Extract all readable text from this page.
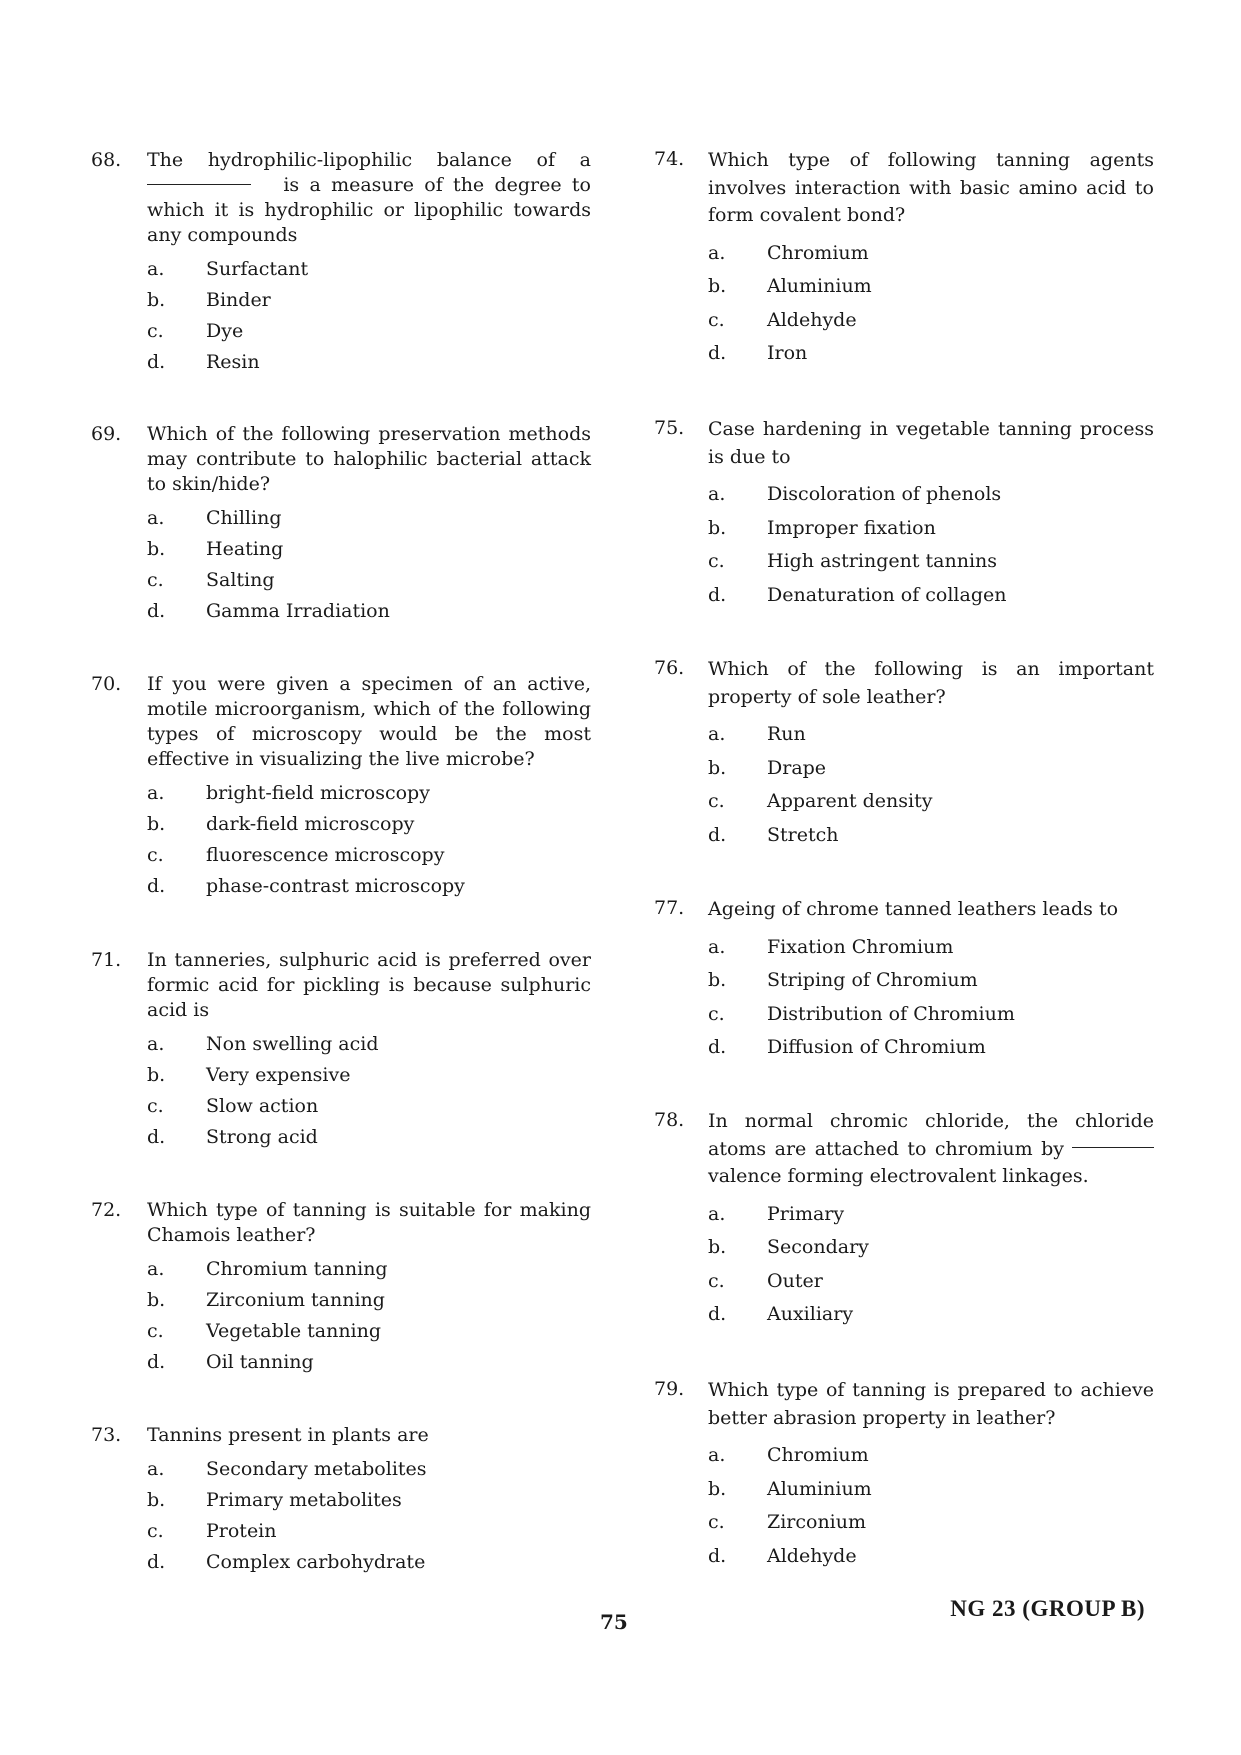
68. The hydrophilic-lipophilic balance of a  is a measure of the degree to which it is hydrophilic or lipophilic towards any compounds
a.	Surfactant
b.	Binder
c.	Dye
d.	Resin
69. Which of the following preservation methods may contribute to halophilic bacterial attack to skin/hide?
a.	Chilling
b.	Heating
c.	Salting
d.	Gamma Irradiation
70. If you were given a specimen of an active, motile microorganism, which of the following types of microscopy would be the most effective in visualizing the live microbe?
a.	bright-field microscopy
b.	dark-field microscopy
c.	fluorescence microscopy
d.	phase-contrast microscopy
71. In tanneries, sulphuric acid is preferred over formic acid for pickling is because sulphuric acid is
a.	Non swelling acid
b.	Very expensive
c.	Slow action
d.	Strong acid
72. Which type of tanning is suitable for making Chamois leather?
a.	Chromium tanning
b.	Zirconium tanning
c.	Vegetable tanning
d.	Oil tanning
73. Tannins present in plants are
a.	Secondary metabolites
b.	Primary metabolites
c.	Protein
d.	Complex carbohydrate
74. Which type of following tanning agents involves interaction with basic amino acid to form covalent bond?
a.	Chromium
b.	Aluminium
c.	Aldehyde
d.	Iron
75. Case hardening in vegetable tanning process is due to
a.	Discoloration of phenols
b.	Improper fixation
c.	High astringent tannins
d.	Denaturation of collagen
76. Which of the following is an important property of sole leather?
a.	Run
b.	Drape
c.	Apparent density
d.	Stretch
77. Ageing of chrome tanned leathers leads to
a.	Fixation Chromium
b.	Striping of Chromium
c.	Distribution of Chromium
d.	Diffusion of Chromium
78. In normal chromic chloride, the chloride atoms are attached to chromium by valence forming electrovalent linkages.
a.	Primary
b.	Secondary
c.	Outer
d.	Auxiliary
79. Which type of tanning is prepared to achieve better abrasion property in leather?
a.	Chromium
b.	Aluminium
c.	Zirconium
d.	Aldehyde
75
NG 23 (GROUP B)
